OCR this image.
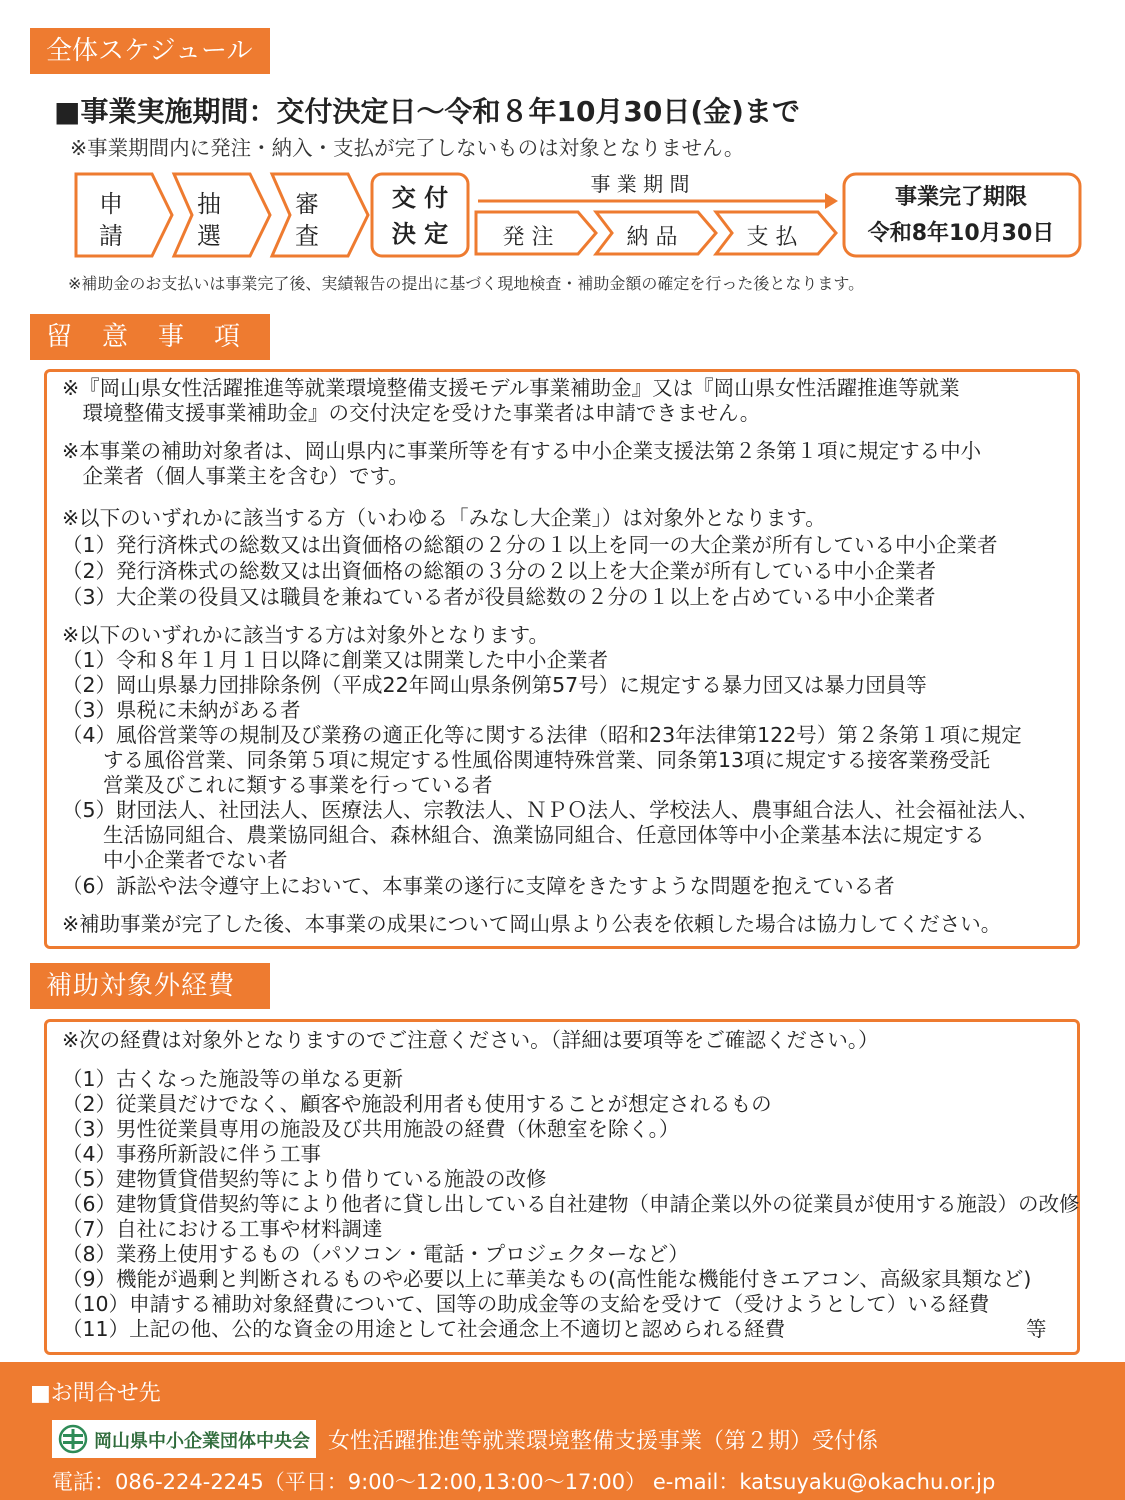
全体スケジュール
■事業実施期間：交付決定日～令和８年10月30日(金)まで
※事業期間内に発注・納入・支払が完了しないものは対象となりません。
申
請
抽
選
審
査
交 付
決 定
事 業 期 間
発 注	納 品	支 払
事業完了期限
令和8年10月30日
※補助金のお支払いは事業完了後、実績報告の提出に基づく現地検査・補助金額の確定を行った後となります。
留　意　事　項
※『岡山県女性活躍推進等就業環境整備支援モデル事業補助金』又は『岡山県女性活躍推進等就業
　環境整備支援事業補助金』の交付決定を受けた事業者は申請できません。
※本事業の補助対象者は、岡山県内に事業所等を有する中小企業支援法第２条第１項に規定する中小
　企業者（個人事業主を含む）です。
※以下のいずれかに該当する方（いわゆる「みなし大企業」）は対象外となります。
（1）発行済株式の総数又は出資価格の総額の２分の１以上を同一の大企業が所有している中小企業者
（2）発行済株式の総数又は出資価格の総額の３分の２以上を大企業が所有している中小企業者
（3）大企業の役員又は職員を兼ねている者が役員総数の２分の１以上を占めている中小企業者
※以下のいずれかに該当する方は対象外となります。
（1）令和８年１月１日以降に創業又は開業した中小企業者
（2）岡山県暴力団排除条例（平成22年岡山県条例第57号）に規定する暴力団又は暴力団員等
（3）県税に未納がある者
（4）風俗営業等の規制及び業務の適正化等に関する法律（昭和23年法律第122号）第２条第１項に規定
　　する風俗営業、同条第５項に規定する性風俗関連特殊営業、同条第13項に規定する接客業務受託
　　営業及びこれに類する事業を行っている者
（5）財団法人、社団法人、医療法人、宗教法人、ＮＰＯ法人、学校法人、農事組合法人、社会福祉法人、
　　生活協同組合、農業協同組合、森林組合、漁業協同組合、任意団体等中小企業基本法に規定する
　　中小企業者でない者
（6）訴訟や法令遵守上において、本事業の遂行に支障をきたすような問題を抱えている者
※補助事業が完了した後、本事業の成果について岡山県より公表を依頼した場合は協力してください。
補助対象外経費
※次の経費は対象外となりますのでご注意ください。（詳細は要項等をご確認ください。）
（1）古くなった施設等の単なる更新
（2）従業員だけでなく、顧客や施設利用者も使用することが想定されるもの
（3）男性従業員専用の施設及び共用施設の経費（休憩室を除く。）
（4）事務所新設に伴う工事
（5）建物賃貸借契約等により借りている施設の改修
（6）建物賃貸借契約等により他者に貸し出している自社建物（申請企業以外の従業員が使用する施設）の改修
（7）自社における工事や材料調達
（8）業務上使用するもの（パソコン・電話・プロジェクターなど）
（9）機能が過剰と判断されるものや必要以上に華美なもの(高性能な機能付きエアコン、高級家具類など)
（10）申請する補助対象経費について、国等の助成金等の支給を受けて（受けようとして）いる経費
（11）上記の他、公的な資金の用途として社会通念上不適切と認められる経費	等
■お問合せ先
岡山県中小企業団体中央会 女性活躍推進等就業環境整備支援事業（第２期）受付係
電話：086-224-2245（平日：9:00～12:00,13:00～17:00） e-mail：katsuyaku@okachu.or.jp
